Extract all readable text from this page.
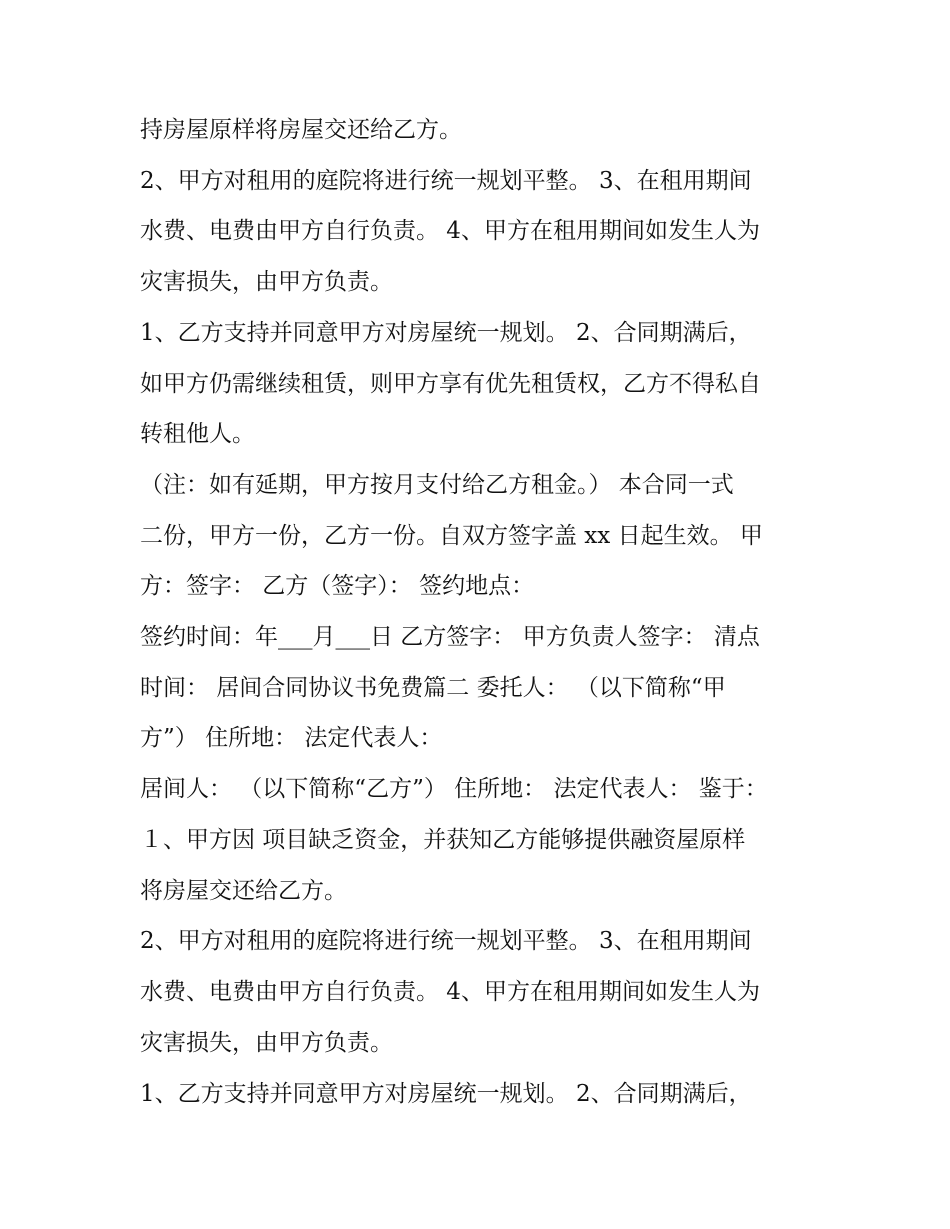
持房屋原样将房屋交还给乙方。
2、甲方对租用的庭院将进行统一规划平整。 3、在租用期间
水费、电费由甲方自行负责。 4、甲方在租用期间如发生人为
灾害损失，由甲方负责。
1、乙方支持并同意甲方对房屋统一规划。 2、合同期满后，
如甲方仍需继续租赁，则甲方享有优先租赁权，乙方不得私自
转租他人。
（注：如有延期，甲方按月支付给乙方租金。） 本合同一式
二份，甲方一份，乙方一份。自双方签字盖 xx 日起生效。 甲
方：签字： 乙方（签字）： 签约地点：
签约时间：年___月___日 乙方签字： 甲方负责人签字： 清点
时间： 居间合同协议书免费篇二 委托人： （以下简称“甲
方”） 住所地： 法定代表人：
居间人： （以下简称“乙方”） 住所地： 法定代表人： 鉴于：
１、甲方因 项目缺乏资金，并获知乙方能够提供融资屋原样
将房屋交还给乙方。
2、甲方对租用的庭院将进行统一规划平整。 3、在租用期间
水费、电费由甲方自行负责。 4、甲方在租用期间如发生人为
灾害损失，由甲方负责。
1、乙方支持并同意甲方对房屋统一规划。 2、合同期满后，
